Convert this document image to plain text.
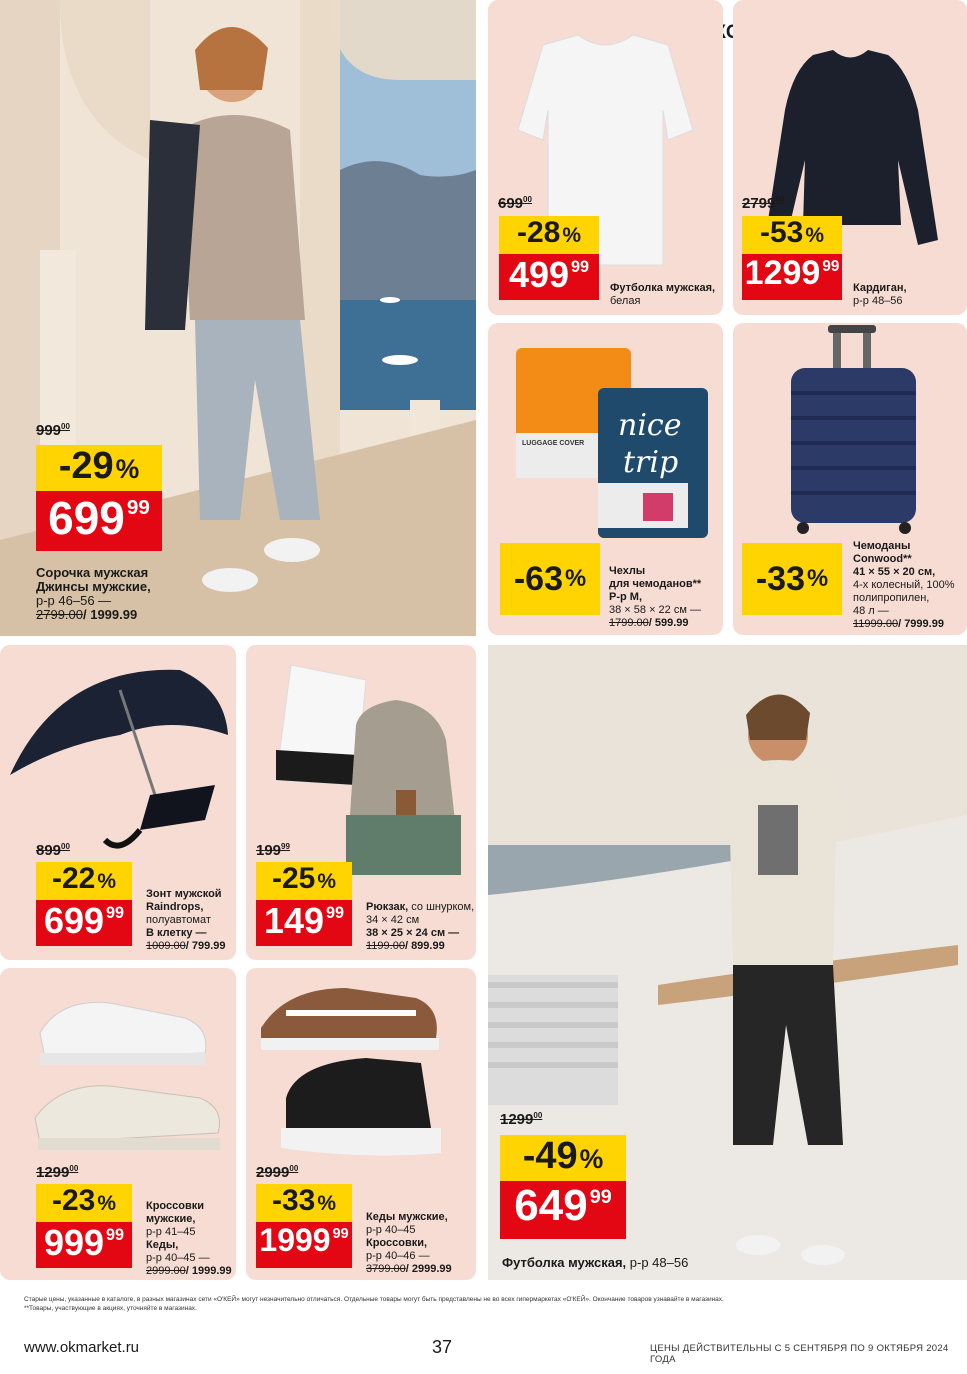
$999^{00}$
-29 %
699 99
Сорочка мужская
Джинсы мужские,
р-р 46–56 —
2799.00/ 1999.99
МУЖСКОЙ
$699^{00}$
-28 %
499 99
Футболка мужская,
белая
2799$^{00}$
-53 %
1299 99
Кардиган,
р-р 48–56
LUGGAGE COVER
nice
trip
-63 % Чехлы
для чемоданов**
Р-р M,
38 × 58 × 22 см —
1799.00/ 599.99
-33 %
Чемоданы
Conwood**
41 × 55 × 20 см,
4-х колесный, 100%
полипропилен,
48 л —
11999.00/ 7999.99
$899^{00}$
-22 %
699 99
Зонт мужской
Raindrops,
полуавтомат
В клетку —
1009.00/ 799.99
$199^{99}$
-25 %
149 99 Рюкзак, со шнурком,
34 × 42 см
38 × 25 × 24 см —
1199.00/ 899.99
1299$^{00}$
-23 %
999 99
Кроссовки
мужские,
р-р 41–45
Кеды,
р-р 40–45 —
2999.00/ 1999.99
2999$^{00}$
-33 %
1999 99
Кеды мужские,
р-р 40–45
Кроссовки,
р-р 40–46 —
3799.00/ 2999.99
1299$^{00}$
-49 %
649 99
Футболка мужская, р-р 48–56
Старые цены, указанные в каталоге, в разных магазинах сети «О'КЕЙ» могут незначительно отличаться. Отдельные товары могут быть представлены не во всех гипермаркетах «О'КЕЙ». Окончание товаров узнавайте в магазинах.
**Товары, участвующие в акциях, уточняйте в магазинах.
www.okmarket.ru	37	ЦЕНЫ ДЕЙСТВИТЕЛЬНЫ С 5 СЕНТЯБРЯ ПО 9 ОКТЯБРЯ 2024 ГОДА
